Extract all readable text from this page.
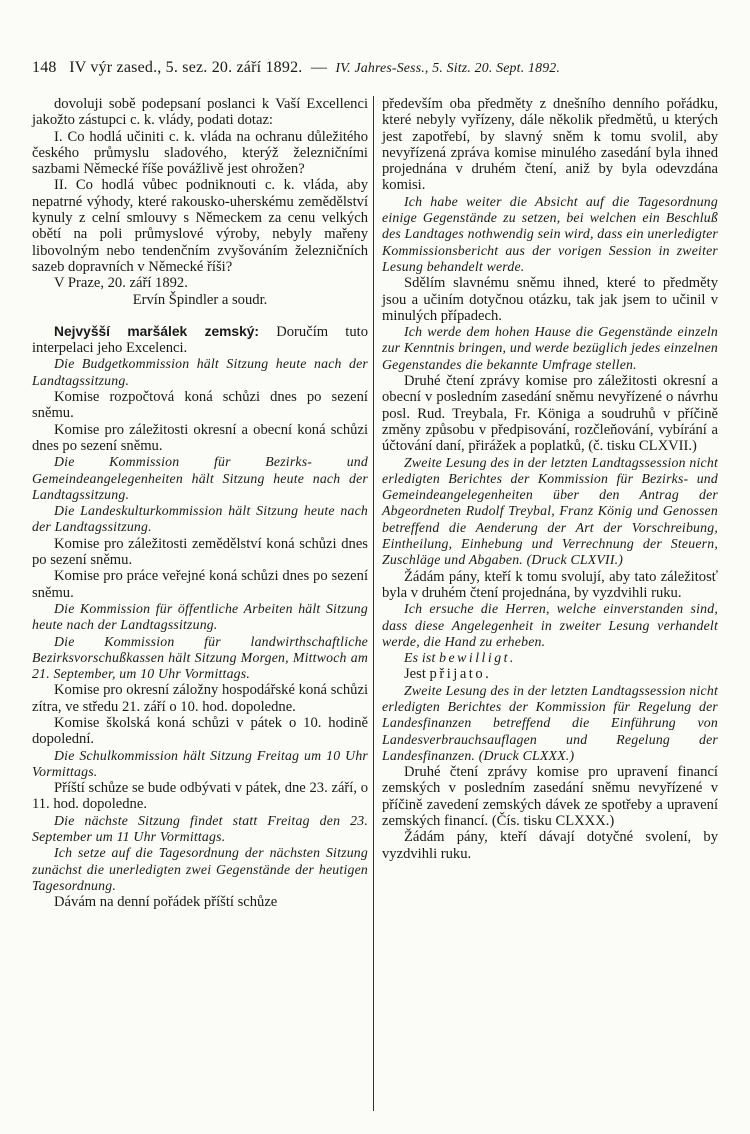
148 IV výr zased., 5. sez. 20. září 1892. — IV. Jahres-Sess., 5. Sitz. 20. Sept. 1892.

dovoluji sobě podepsaní poslanci k Vaší Excellenci jakožto zástupci c. k. vlády, podati dotaz:

I. Co hodlá učiniti c. k. vláda na ochranu důležitého českého průmyslu sladového, kterýž železničními sazbami Německé říše povážlivě jest ohrožen?

II. Co hodlá vůbec podniknouti c. k. vláda, aby nepatrné výhody, které rakousko-uherskému zemědělství kynuly z celní smlouvy s Německem za cenu velkých obětí na poli průmyslové výroby, nebyly mařeny libovolným nebo tendenčním zvyšováním železničních sazeb dopravních v Německé říši?

V Praze, 20. září 1892.

Ervín Špindler a soudr.

Nejvyšší maršálek zemský: Doručím tuto interpelaci jeho Excelenci.

Die Budgetkommission hält Sitzung heute nach der Landtagssitzung.

Komise rozpočtová koná schůzi dnes po sezení sněmu.

Komise pro záležitosti okresní a obecní koná schůzi dnes po sezení sněmu.

Die Kommission für Bezirks- und Gemeindeangelegenheiten hält Sitzung heute nach der Landtagssitzung.

Die Landeskulturkommission hält Sitzung heute nach der Landtagssitzung.

Komise pro záležitosti zemědělství koná schůzi dnes po sezení sněmu.

Komise pro práce veřejné koná schůzi dnes po sezení sněmu.

Die Kommission für öffentliche Arbeiten hält Sitzung heute nach der Landtagssitzung.

Die Kommission für landwirthschaftliche Bezirksvorschußkassen hält Sitzung Morgen, Mittwoch am 21. September, um 10 Uhr Vormittags.

Komise pro okresní záložny hospodářské koná schůzi zítra, ve středu 21. září o 10. hod. dopoledne.

Komise školská koná schůzi v pátek o 10. hodině dopolední.

Die Schulkommission hält Sitzung Freitag um 10 Uhr Vormittags.

Příští schůze se bude odbývati v pátek, dne 23. září, o 11. hod. dopoledne.

Die nächste Sitzung findet statt Freitag den 23. September um 11 Uhr Vormittags.

Ich setze auf die Tagesordnung der nächsten Sitzung zunächst die unerledigten zwei Gegenstände der heutigen Tagesordnung.

Dávám na denní pořádek příští schůze

především oba předměty z dnešního denního pořádku, které nebyly vyřízeny, dále několik předmětů, u kterých jest zapotřebí, by slavný sněm k tomu svolil, aby nevyřízená zpráva komise minulého zasedání byla ihned projednána v druhém čtení, aniž by byla odevzdána komisi.

Ich habe weiter die Absicht auf die Tagesordnung einige Gegenstände zu setzen, bei welchen ein Beschluß des Landtages nothwendig sein wird, dass ein unerledigter Kommissionsbericht aus der vorigen Session in zweiter Lesung behandelt werde.

Sdělím slavnému sněmu ihned, které to předměty jsou a učiním dotyčnou otázku, tak jak jsem to učinil v minulých případech.

Ich werde dem hohen Hause die Gegenstände einzeln zur Kenntnis bringen, und werde bezüglich jedes einzelnen Gegenstandes die bekannte Umfrage stellen.

Druhé čtení zprávy komise pro záležitosti okresní a obecní v posledním zasedání sněmu nevyřízené o návrhu posl. Rud. Treybala, Fr. Königa a soudruhů v příčině změny způsobu v předpisování, rozčleňování, vybírání a účtování daní, přirážek a poplatků, (č. tisku CLXVII.)

Zweite Lesung des in der letzten Landtagssession nicht erledigten Berichtes der Kommission für Bezirks- und Gemeindeangelegenheiten über den Antrag der Abgeordneten Rudolf Treybal, Franz König und Genossen betreffend die Aenderung der Art der Vorschreibung, Eintheilung, Einhebung und Verrechnung der Steuern, Zuschläge und Abgaben. (Druck CLXVII.)

Žádám pány, kteří k tomu svolují, aby tato záležitosť byla v druhém čtení projednána, by vyzdvihli ruku.

Ich ersuche die Herren, welche einverstanden sind, dass diese Angelegenheit in zweiter Lesung verhandelt werde, die Hand zu erheben.

Es ist bewilligt.

Jest přijato.

Zweite Lesung des in der letzten Landtagssession nicht erledigten Berichtes der Kommission für Regelung der Landesfinanzen betreffend die Einführung von Landesverbrauchsauflagen und Regelung der Landesfinanzen. (Druck CLXXX.)

Druhé čtení zprávy komise pro upravení financí zemských v posledním zasedání sněmu nevyřízené v příčině zavedení zemských dávek ze spotřeby a upravení zemských financí. (Čís. tisku CLXXX.)

Žádám pány, kteří dávají dotyčné svolení, by vyzdvihli ruku.
